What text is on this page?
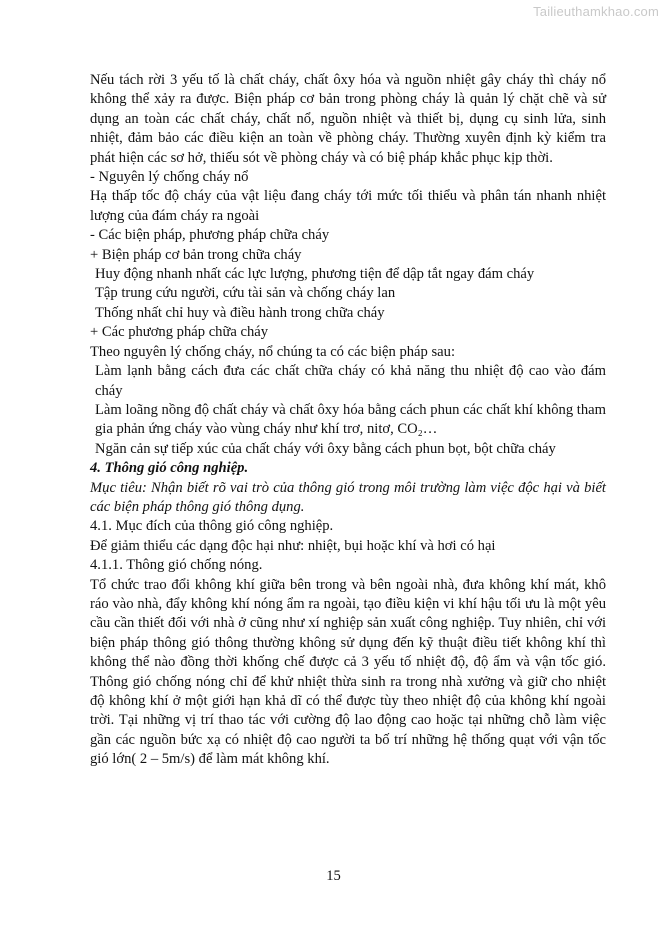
Tailieuthamkhao.com

Nếu tách rời 3 yếu tố là chất cháy, chất ôxy hóa và nguồn nhiệt gây cháy thì cháy nổ không thể xảy ra được. Biện pháp cơ bản trong phòng cháy là quản lý chặt chẽ và sử dụng an toàn các chất cháy, chất nổ, nguồn nhiệt và thiết bị, dụng cụ sinh lửa, sinh nhiệt, đảm bảo các điều kiện an toàn về phòng cháy. Thường xuyên định kỳ kiểm tra phát hiện các sơ hở, thiếu sót về phòng cháy và có biệ pháp khắc phục kịp thời.

- Nguyên lý chống cháy nổ

Hạ thấp tốc độ cháy của vật liệu đang cháy tới mức tối thiểu và phân tán nhanh nhiệt lượng của đám cháy ra ngoài

- Các biện pháp, phương pháp chữa cháy

+ Biện pháp cơ bản trong chữa cháy

Huy động nhanh nhất các lực lượng, phương tiện để dập tắt ngay đám cháy

Tập trung cứu người, cứu tài sản và chống cháy lan

Thống nhất chỉ huy và điều hành trong chữa cháy

+ Các phương pháp chữa cháy

Theo nguyên lý chống cháy, nổ chúng ta có các biện pháp sau:

Làm lạnh bằng cách đưa các chất chữa cháy có khả năng thu nhiệt độ cao vào đám cháy

Làm loãng nồng độ chất cháy và chất ôxy hóa bằng cách phun các chất khí không tham gia phản ứng cháy vào vùng cháy như khí trơ, nitơ, CO₂…

Ngăn cản sự tiếp xúc của chất cháy với ôxy bằng cách phun bọt, bột chữa cháy

4. Thông gió công nghiệp.

Mục tiêu: Nhận biết rõ vai trò của thông gió trong môi trường làm việc độc hại và biết các biện pháp thông gió thông dụng.

4.1. Mục đích của thông gió công nghiệp.

Để giảm thiểu các dạng độc hại như: nhiệt, bụi hoặc khí và hơi có hại

4.1.1. Thông gió chống nóng.

Tổ chức trao đổi không khí giữa bên trong và bên ngoài nhà, đưa không khí mát, khô ráo vào nhà, đẩy không khí nóng ẩm ra ngoài, tạo điều kiện vi khí hậu tối ưu là một yêu cầu cần thiết đối với nhà ở cũng như xí nghiệp sản xuất công nghiệp. Tuy nhiên, chỉ với biện pháp thông gió thông thường không sử dụng đến kỹ thuật điều tiết không khí thì không thể nào đồng thời khống chế được cả 3 yếu tố nhiệt độ, độ ẩm và vận tốc gió. Thông gió chống nóng chỉ để khử nhiệt thừa sinh ra trong nhà xưởng và giữ cho nhiệt độ không khí ở một giới hạn khả dĩ có thể được tùy theo nhiệt độ của không khí ngoài trời. Tại những vị trí thao tác với cường độ lao động cao hoặc tại những chỗ làm việc gần các nguồn bức xạ có nhiệt độ cao người ta bố trí những hệ thống quạt với vận tốc gió lớn( 2 – 5m/s) để làm mát không khí.

15
